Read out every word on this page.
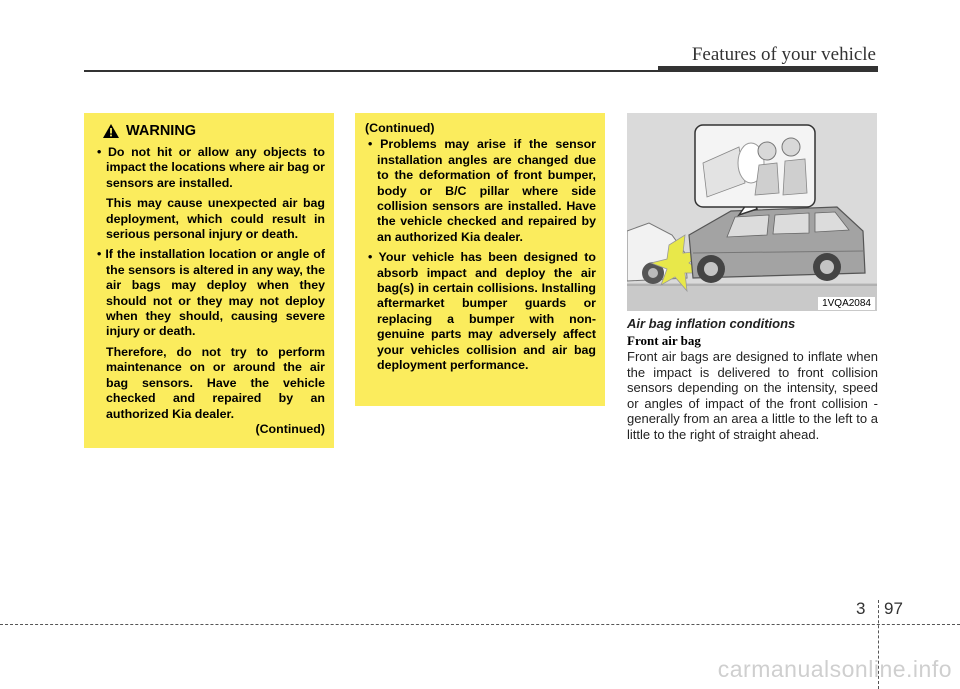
Features of your vehicle
WARNING
• Do not hit or allow any objects to impact the locations where air bag or sensors are installed.
This may cause unexpected air bag deployment, which could result in serious personal injury or death.
• If the installation location or angle of the sensors is altered in any way, the air bags may deploy when they should not or they may not deploy when they should, causing severe injury or death.
Therefore, do not try to perform maintenance on or around the air bag sensors. Have the vehicle checked and repaired by an authorized Kia dealer.
(Continued)
(Continued)
• Problems may arise if the sensor installation angles are changed due to the deformation of front bumper, body or B/C pillar where side collision sensors are installed. Have the vehicle checked and repaired by an authorized Kia dealer.
• Your vehicle has been designed to absorb impact and deploy the air bag(s) in certain collisions. Installing aftermarket bumper guards or replacing a bumper with non-genuine parts may adversely affect your vehicles collision and air bag deployment performance.
1VQA2084
Air bag inflation conditions
Front air bag
Front air bags are designed to inflate when the impact is delivered to front collision sensors depending on the intensity, speed or angles of impact of the front collision - generally from an area a little to the left to a little to the right of straight ahead.
3 97
carmanualsonline.info
